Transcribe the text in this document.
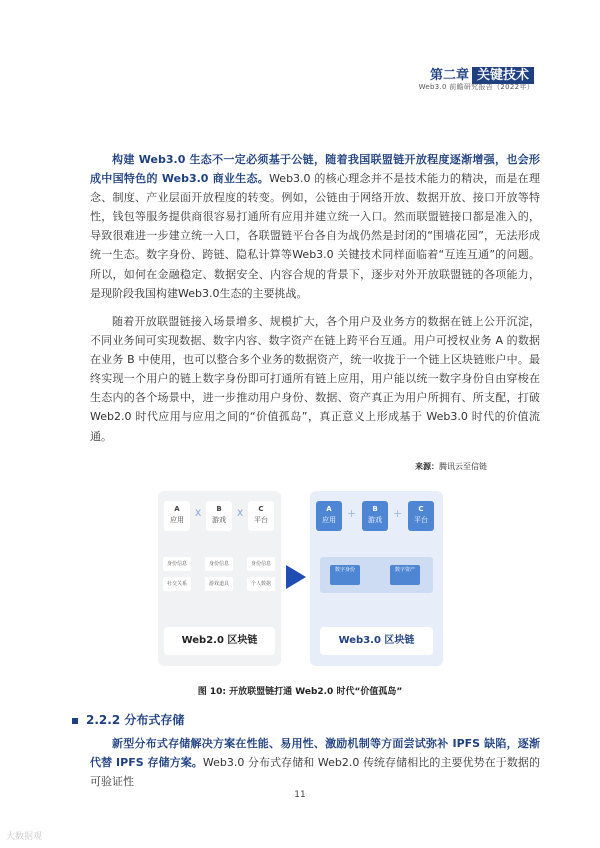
第二章 关键技术
Web3.0 前瞻研究报告（2022年）
构建 Web3.0 生态不一定必须基于公链，随着我国联盟链开放程度逐渐增强，也会形成中国特色的 Web3.0 商业生态。Web3.0 的核心理念并不是技术能力的精决，而是在理念、制度、产业层面开放程度的转变。例如，公链由于网络开放、数据开放、接口开放等特性，钱包等服务提供商很容易打通所有应用并建立统一入口。然而联盟链接口都是准入的，导致很难进一步建立统一入口，各联盟链平台各自为战仍然是封闭的“围墙花园”，无法形成统一生态。数字身份、跨链、隐私计算等Web3.0 关键技术同样面临着“互连互通”的问题。所以，如何在金融稳定、数据安全、内容合规的背景下，逐步对外开放联盟链的各项能力，是现阶段我国构建Web3.0生态的主要挑战。
随着开放联盟链接入场景增多、规模扩大，各个用户及业务方的数据在链上公开沉淀，不同业务间可实现数据、数字内容、数字资产在链上跨平台互通。用户可授权业务 A 的数据在业务 B 中使用，也可以整合多个业务的数据资产，统一收拢于一个链上区块链账户中。最终实现一个用户的链上数字身份即可打通所有链上应用，用户能以统一数字身份自由穿梭在生态内的各个场景中，进一步推动用户身份、数据、资产真正为用户所拥有、所支配，打破 Web2.0 时代应用与应用之间的“价值孤岛”，真正意义上形成基于 Web3.0 时代的价值流通。
来源：腾讯云至信链
A
应用
X	B
游戏
X	C
平台
身份信息
社交关系
身份信息
游戏道具
身份信息
个人数据
Web2.0 区块链
A
应用	+	B
游戏	+	C
平台
数字身份	数字资产
Web3.0 区块链
图 10: 开放联盟链打通 Web2.0 时代“价值孤岛”
2.2.2 分布式存储
新型分布式存储解决方案在性能、易用性、激励机制等方面尝试弥补 IPFS 缺陷，逐渐代替 IPFS 存储方案。Web3.0 分布式存储和 Web2.0 传统存储相比的主要优势在于数据的可验证性
11
大数据观
